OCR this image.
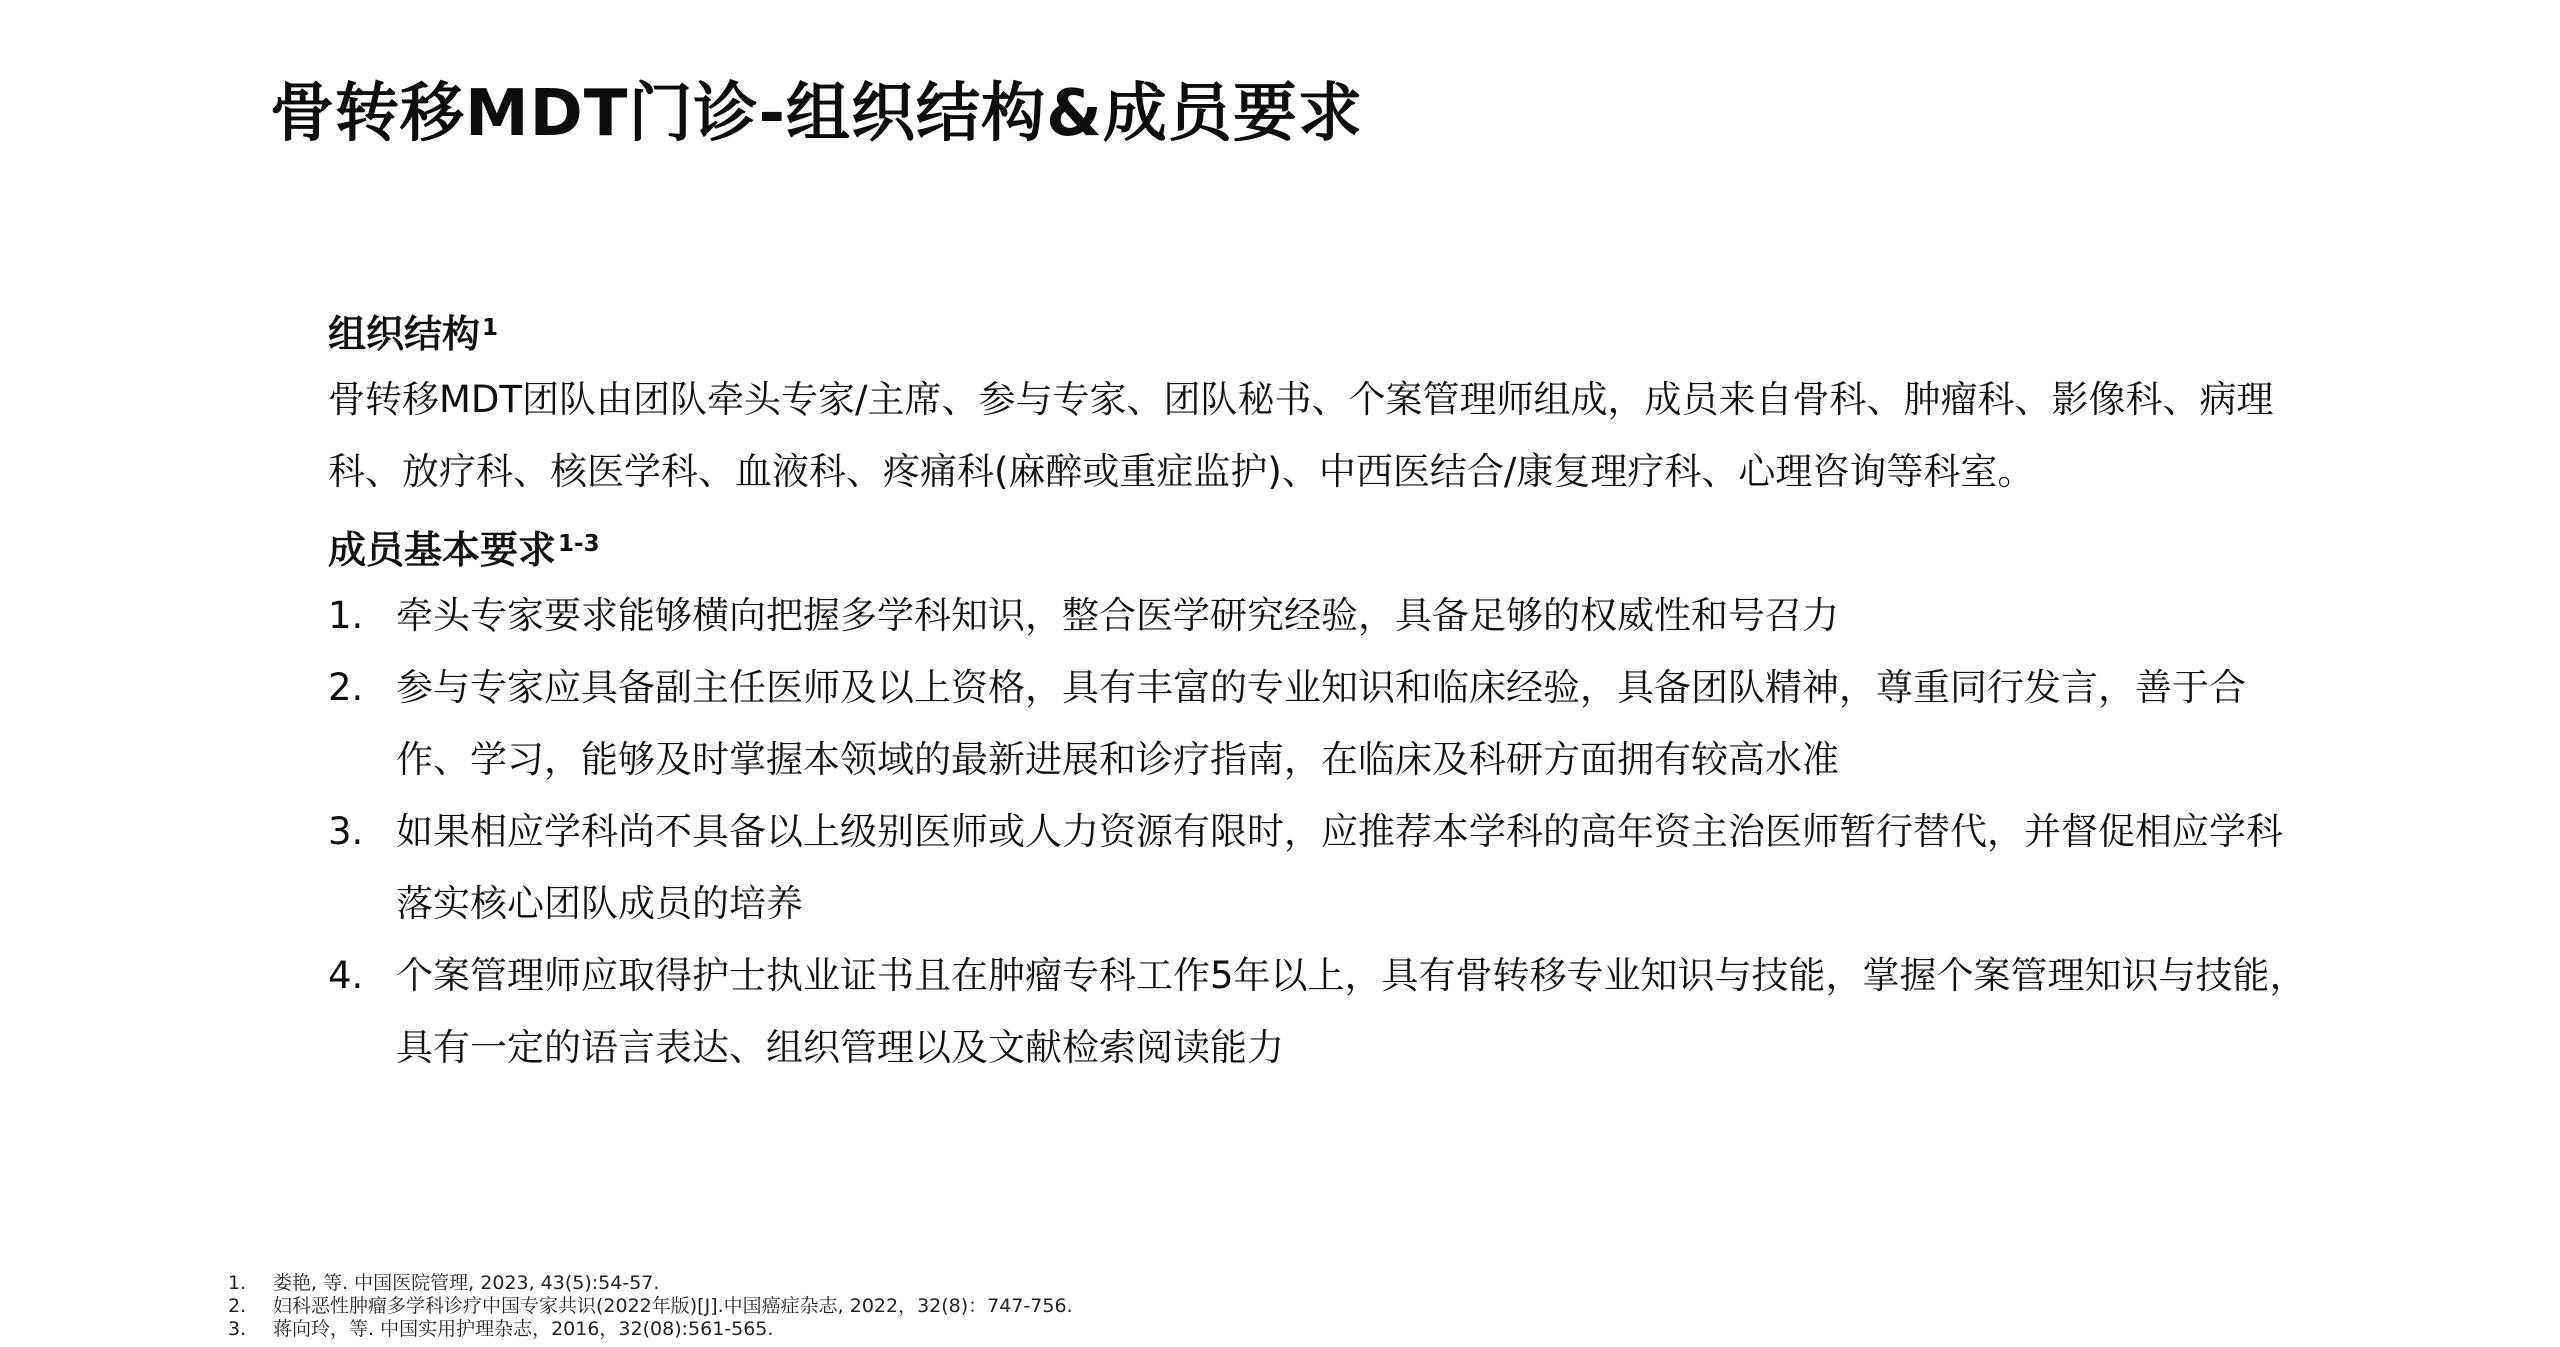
骨转移MDT门诊-组织结构&成员要求
组织结构$^1$
骨转移MDT团队由团队牵头专家/主席、参与专家、团队秘书、个案管理师组成，成员来自骨科、肿瘤科、影像科、病理科、放疗科、核医学科、血液科、疼痛科(麻醉或重症监护)、中西医结合/康复理疗科、心理咨询等科室。
成员基本要求$^{1-3}$
1. 牵头专家要求能够横向把握多学科知识，整合医学研究经验，具备足够的权威性和号召力
2. 参与专家应具备副主任医师及以上资格，具有丰富的专业知识和临床经验，具备团队精神，尊重同行发言，善于合作、学习，能够及时掌握本领域的最新进展和诊疗指南，在临床及科研方面拥有较高水准
3. 如果相应学科尚不具备以上级别医师或人力资源有限时，应推荐本学科的高年资主治医师暂行替代，并督促相应学科落实核心团队成员的培养
4. 个案管理师应取得护士执业证书且在肿瘤专科工作5年以上，具有骨转移专业知识与技能，掌握个案管理知识与技能，具有一定的语言表达、组织管理以及文献检索阅读能力
1. 娄艳, 等. 中国医院管理, 2023, 43(5):54-57.
2. 妇科恶性肿瘤多学科诊疗中国专家共识(2022年版)[J].中国癌症杂志, 2022，32(8)：747-756.
3. 蒋向玲，等. 中国实用护理杂志，2016，32(08):561-565.
